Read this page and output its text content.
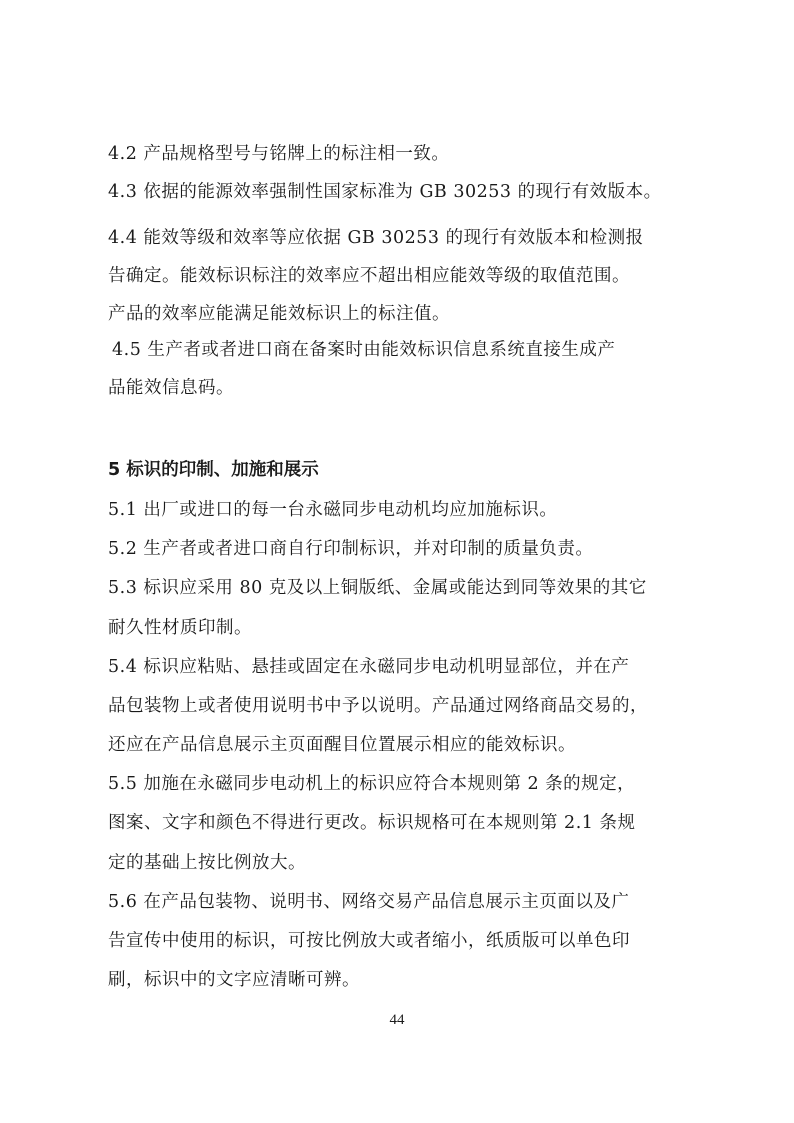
4.2 产品规格型号与铭牌上的标注相一致。
4.3 依据的能源效率强制性国家标准为 GB 30253 的现行有效版本。
4.4 能效等级和效率等应依据 GB 30253 的现行有效版本和检测报
告确定。能效标识标注的效率应不超出相应能效等级的取值范围。
产品的效率应能满足能效标识上的标注值。
4.5 生产者或者进口商在备案时由能效标识信息系统直接生成产
品能效信息码。
5 标识的印制、加施和展示
5.1 出厂或进口的每一台永磁同步电动机均应加施标识。
5.2 生产者或者进口商自行印制标识，并对印制的质量负责。
5.3 标识应采用 80 克及以上铜版纸、金属或能达到同等效果的其它
耐久性材质印制。
5.4 标识应粘贴、悬挂或固定在永磁同步电动机明显部位，并在产
品包装物上或者使用说明书中予以说明。产品通过网络商品交易的，
还应在产品信息展示主页面醒目位置展示相应的能效标识。
5.5 加施在永磁同步电动机上的标识应符合本规则第 2 条的规定，
图案、文字和颜色不得进行更改。标识规格可在本规则第 2.1 条规
定的基础上按比例放大。
5.6 在产品包装物、说明书、网络交易产品信息展示主页面以及广
告宣传中使用的标识，可按比例放大或者缩小，纸质版可以单色印
刷，标识中的文字应清晰可辨。
44
